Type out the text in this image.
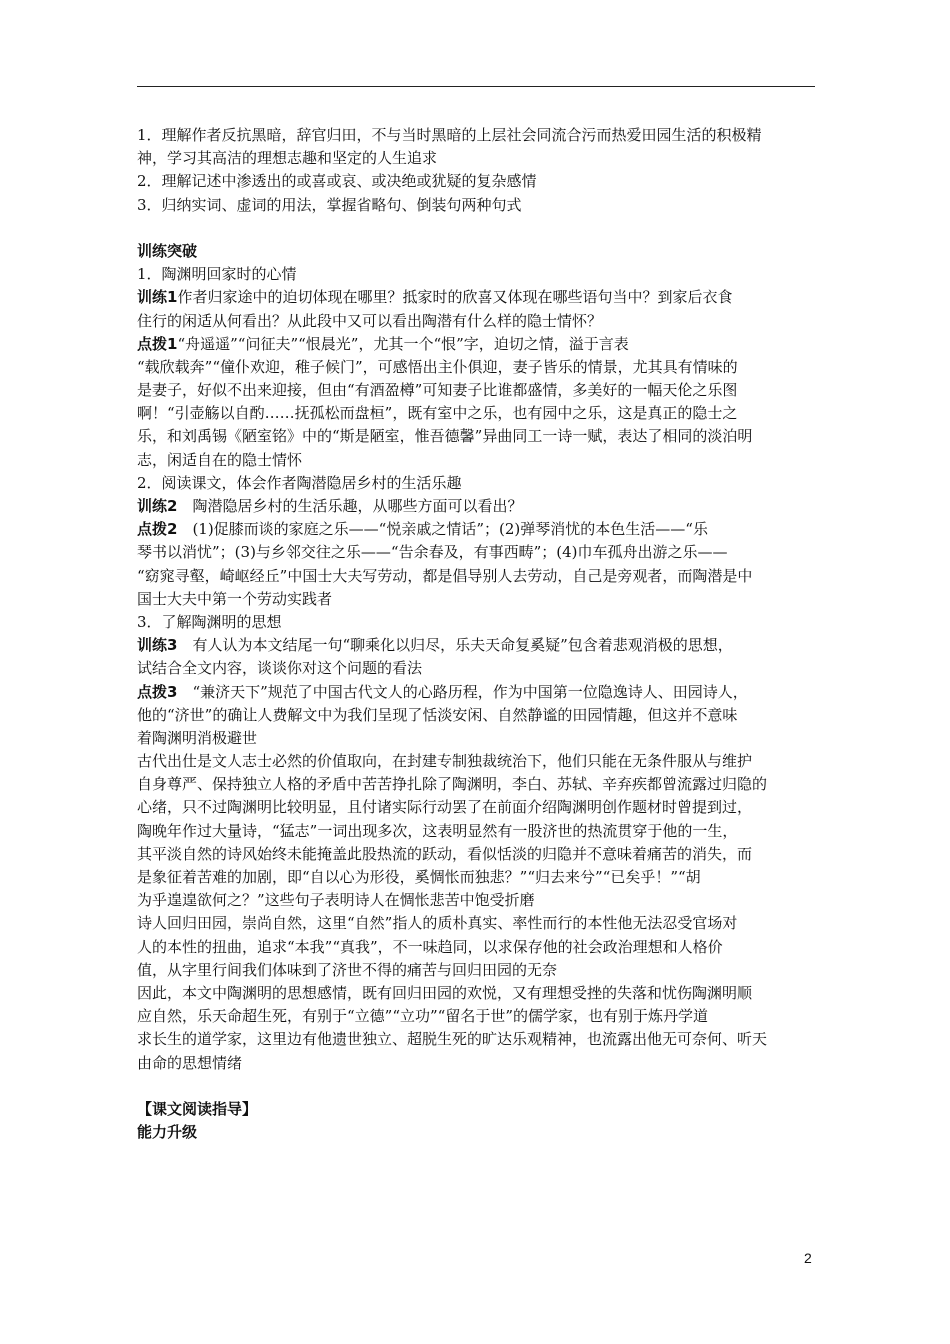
1．理解作者反抗黑暗，辞官归田，不与当时黑暗的上层社会同流合污而热爱田园生活的积极精
神，学习其高洁的理想志趣和坚定的人生追求
2．理解记述中渗透出的或喜或哀、或决绝或犹疑的复杂感情
3．归纳实词、虚词的用法，掌握省略句、倒装句两种句式
训练突破
1．陶渊明回家时的心情
训练1作者归家途中的迫切体现在哪里？抵家时的欣喜又体现在哪些语句当中？到家后衣食
住行的闲适从何看出？从此段中又可以看出陶潜有什么样的隐士情怀？
点拨1“舟遥遥”“问征夫”“恨晨光”，尤其一个“恨”字，迫切之情，溢于言表
“载欣载奔”“僮仆欢迎，稚子候门”，可感悟出主仆俱迎，妻子皆乐的情景，尤其具有情味的
是妻子，好似不出来迎接，但由“有酒盈樽”可知妻子比谁都盛情，多美好的一幅天伦之乐图
啊！“引壶觞以自酌……抚孤松而盘桓”，既有室中之乐，也有园中之乐，这是真正的隐士之
乐，和刘禹锡《陋室铭》中的“斯是陋室，惟吾德馨”异曲同工一诗一赋，表达了相同的淡泊明
志，闲适自在的隐士情怀
2．阅读课文，体会作者陶潜隐居乡村的生活乐趣
训练2　陶潜隐居乡村的生活乐趣，从哪些方面可以看出？
点拨2　(1)促膝而谈的家庭之乐——“悦亲戚之情话”；(2)弹琴消忧的本色生活——“乐
琴书以消忧”；(3)与乡邻交往之乐——“告余春及，有事西畴”；(4)巾车孤舟出游之乐——
“窈窕寻壑，崎岖经丘”中国士大夫写劳动，都是倡导别人去劳动，自己是旁观者，而陶潜是中
国士大夫中第一个劳动实践者
3．了解陶渊明的思想
训练3　有人认为本文结尾一句“聊乘化以归尽，乐夫天命复奚疑”包含着悲观消极的思想，
试结合全文内容，谈谈你对这个问题的看法
点拨3　“兼济天下”规范了中国古代文人的心路历程，作为中国第一位隐逸诗人、田园诗人，
他的“济世”的确让人费解文中为我们呈现了恬淡安闲、自然静谧的田园情趣，但这并不意味
着陶渊明消极避世
古代出仕是文人志士必然的价值取向，在封建专制独裁统治下，他们只能在无条件服从与维护
自身尊严、保持独立人格的矛盾中苦苦挣扎除了陶渊明，李白、苏轼、辛弃疾都曾流露过归隐的
心绪，只不过陶渊明比较明显，且付诸实际行动罢了在前面介绍陶渊明创作题材时曾提到过，
陶晚年作过大量诗，“猛志”一词出现多次，这表明显然有一股济世的热流贯穿于他的一生，
其平淡自然的诗风始终未能掩盖此股热流的跃动，看似恬淡的归隐并不意味着痛苦的消失，而
是象征着苦难的加剧，即“自以心为形役，奚惆怅而独悲？”“归去来兮”“已矣乎！”“胡
为乎遑遑欲何之？”这些句子表明诗人在惆怅悲苦中饱受折磨
诗人回归田园，崇尚自然，这里“自然”指人的质朴真实、率性而行的本性他无法忍受官场对
人的本性的扭曲，追求“本我”“真我”，不一味趋同，以求保存他的社会政治理想和人格价
值，从字里行间我们体味到了济世不得的痛苦与回归田园的无奈
因此，本文中陶渊明的思想感情，既有回归田园的欢悦，又有理想受挫的失落和忧伤陶渊明顺
应自然，乐天命超生死，有别于“立德”“立功”“留名于世”的儒学家，也有别于炼丹学道
求长生的道学家，这里边有他遗世独立、超脱生死的旷达乐观精神，也流露出他无可奈何、听天
由命的思想情绪
【课文阅读指导】
能力升级
2
